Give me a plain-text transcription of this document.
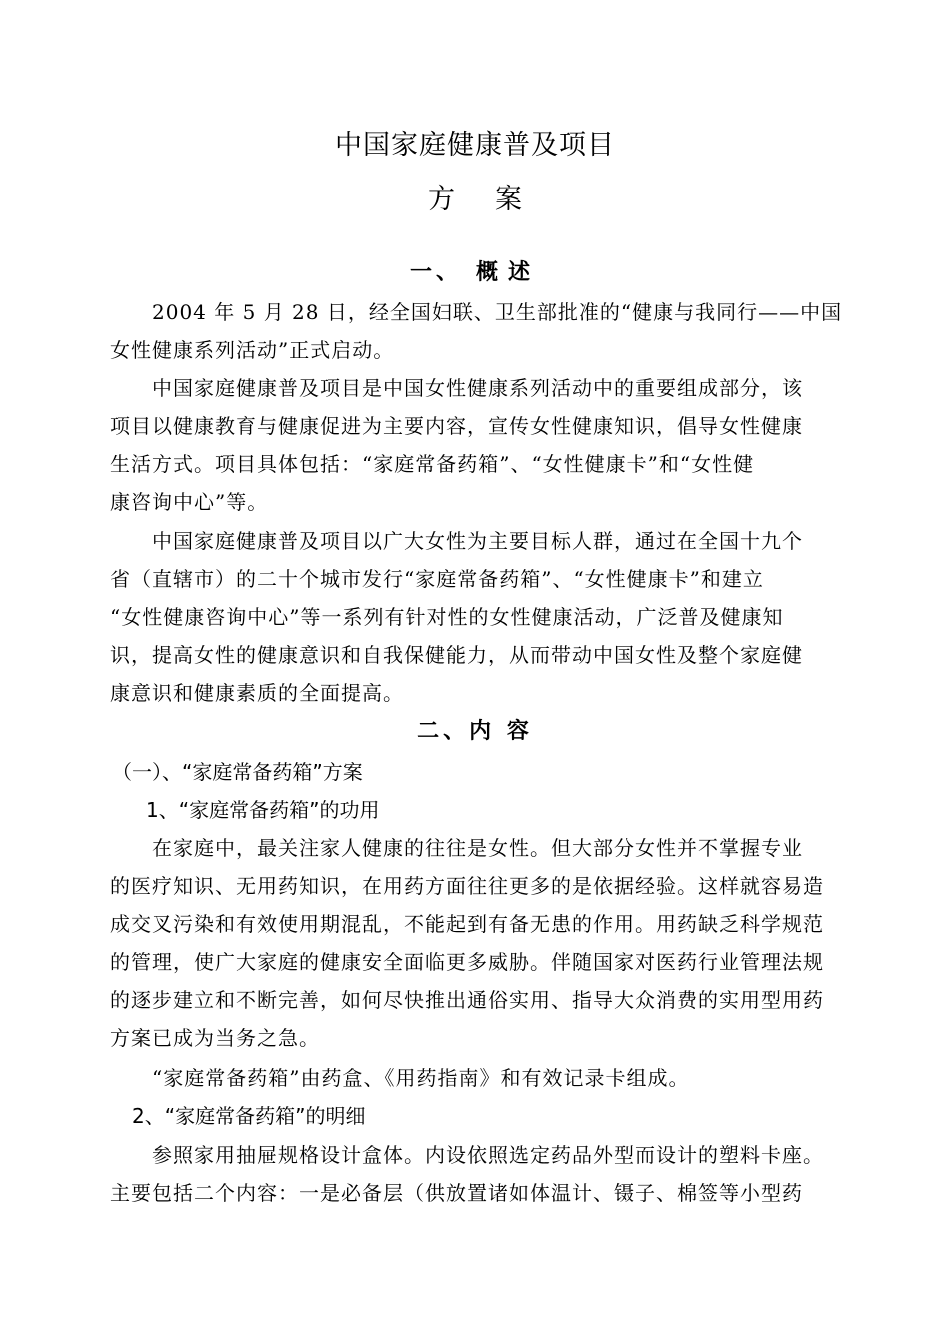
中国家庭健康普及项目
方案
一、 概述

2004 年 5 月 28 日，经全国妇联、卫生部批准的“健康与我同行——中国

女性健康系列活动”正式启动。

中国家庭健康普及项目是中国女性健康系列活动中的重要组成部分，该

项目以健康教育与健康促进为主要内容，宣传女性健康知识，倡导女性健康

生活方式。项目具体包括：“家庭常备药箱”、“女性健康卡”和“女性健

康咨询中心”等。

中国家庭健康普及项目以广大女性为主要目标人群，通过在全国十九个

省（直辖市）的二十个城市发行“家庭常备药箱”、“女性健康卡”和建立

“女性健康咨询中心”等一系列有针对性的女性健康活动，广泛普及健康知

识，提高女性的健康意识和自我保健能力，从而带动中国女性及整个家庭健

康意识和健康素质的全面提高。

二、内 容

（一）、“家庭常备药箱”方案

1、“家庭常备药箱”的功用

在家庭中，最关注家人健康的往往是女性。但大部分女性并不掌握专业

的医疗知识、无用药知识，在用药方面往往更多的是依据经验。这样就容易造

成交叉污染和有效使用期混乱，不能起到有备无患的作用。用药缺乏科学规范

的管理，使广大家庭的健康安全面临更多威胁。伴随国家对医药行业管理法规

的逐步建立和不断完善，如何尽快推出通俗实用、指导大众消费的实用型用药

方案已成为当务之急。

“家庭常备药箱”由药盒、《用药指南》和有效记录卡组成。

2、“家庭常备药箱”的明细

参照家用抽屉规格设计盒体。内设依照选定药品外型而设计的塑料卡座。

主要包括二个内容：一是必备层（供放置诸如体温计、镊子、棉签等小型药
